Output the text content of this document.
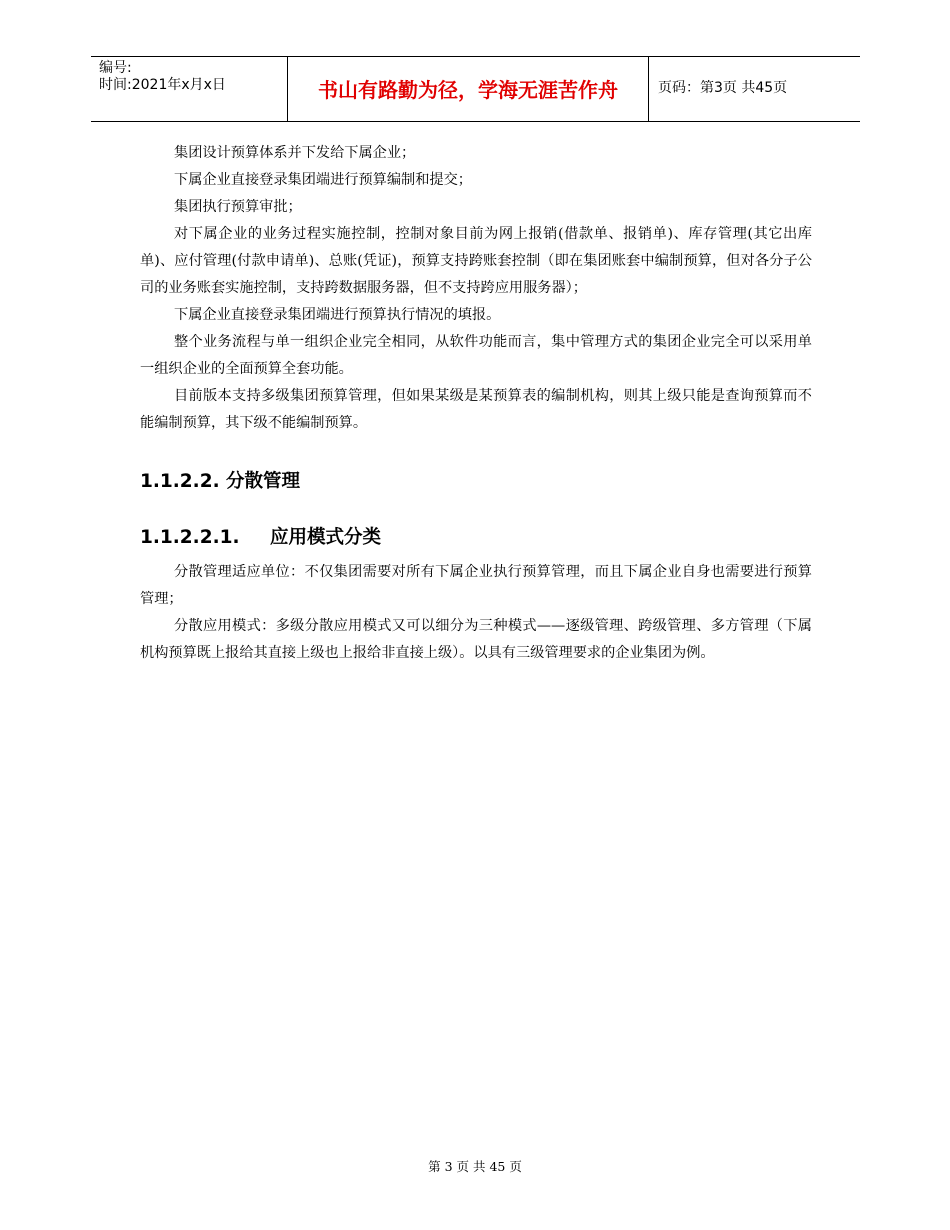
编号:
时间:2021年x月x日	书山有路勤为径，学海无涯苦作舟	页码：第3页 共45页

集团设计预算体系并下发给下属企业；

下属企业直接登录集团端进行预算编制和提交；

集团执行预算审批；

对下属企业的业务过程实施控制，控制对象目前为网上报销(借款单、报销单)、库存管理(其它出库单)、应付管理(付款申请单)、总账(凭证)，预算支持跨账套控制（即在集团账套中编制预算，但对各分子公司的业务账套实施控制，支持跨数据服务器，但不支持跨应用服务器）；

下属企业直接登录集团端进行预算执行情况的填报。

整个业务流程与单一组织企业完全相同，从软件功能而言，集中管理方式的集团企业完全可以采用单一组织企业的全面预算全套功能。

目前版本支持多级集团预算管理，但如果某级是某预算表的编制机构，则其上级只能是查询预算而不能编制预算，其下级不能编制预算。

1.1.2.2. 分散管理
1.1.2.2.1. 应用模式分类

分散管理适应单位：不仅集团需要对所有下属企业执行预算管理，而且下属企业自身也需要进行预算管理；

分散应用模式：多级分散应用模式又可以细分为三种模式——逐级管理、跨级管理、多方管理（下属机构预算既上报给其直接上级也上报给非直接上级）。以具有三级管理要求的企业集团为例。

第 3 页 共 45 页
